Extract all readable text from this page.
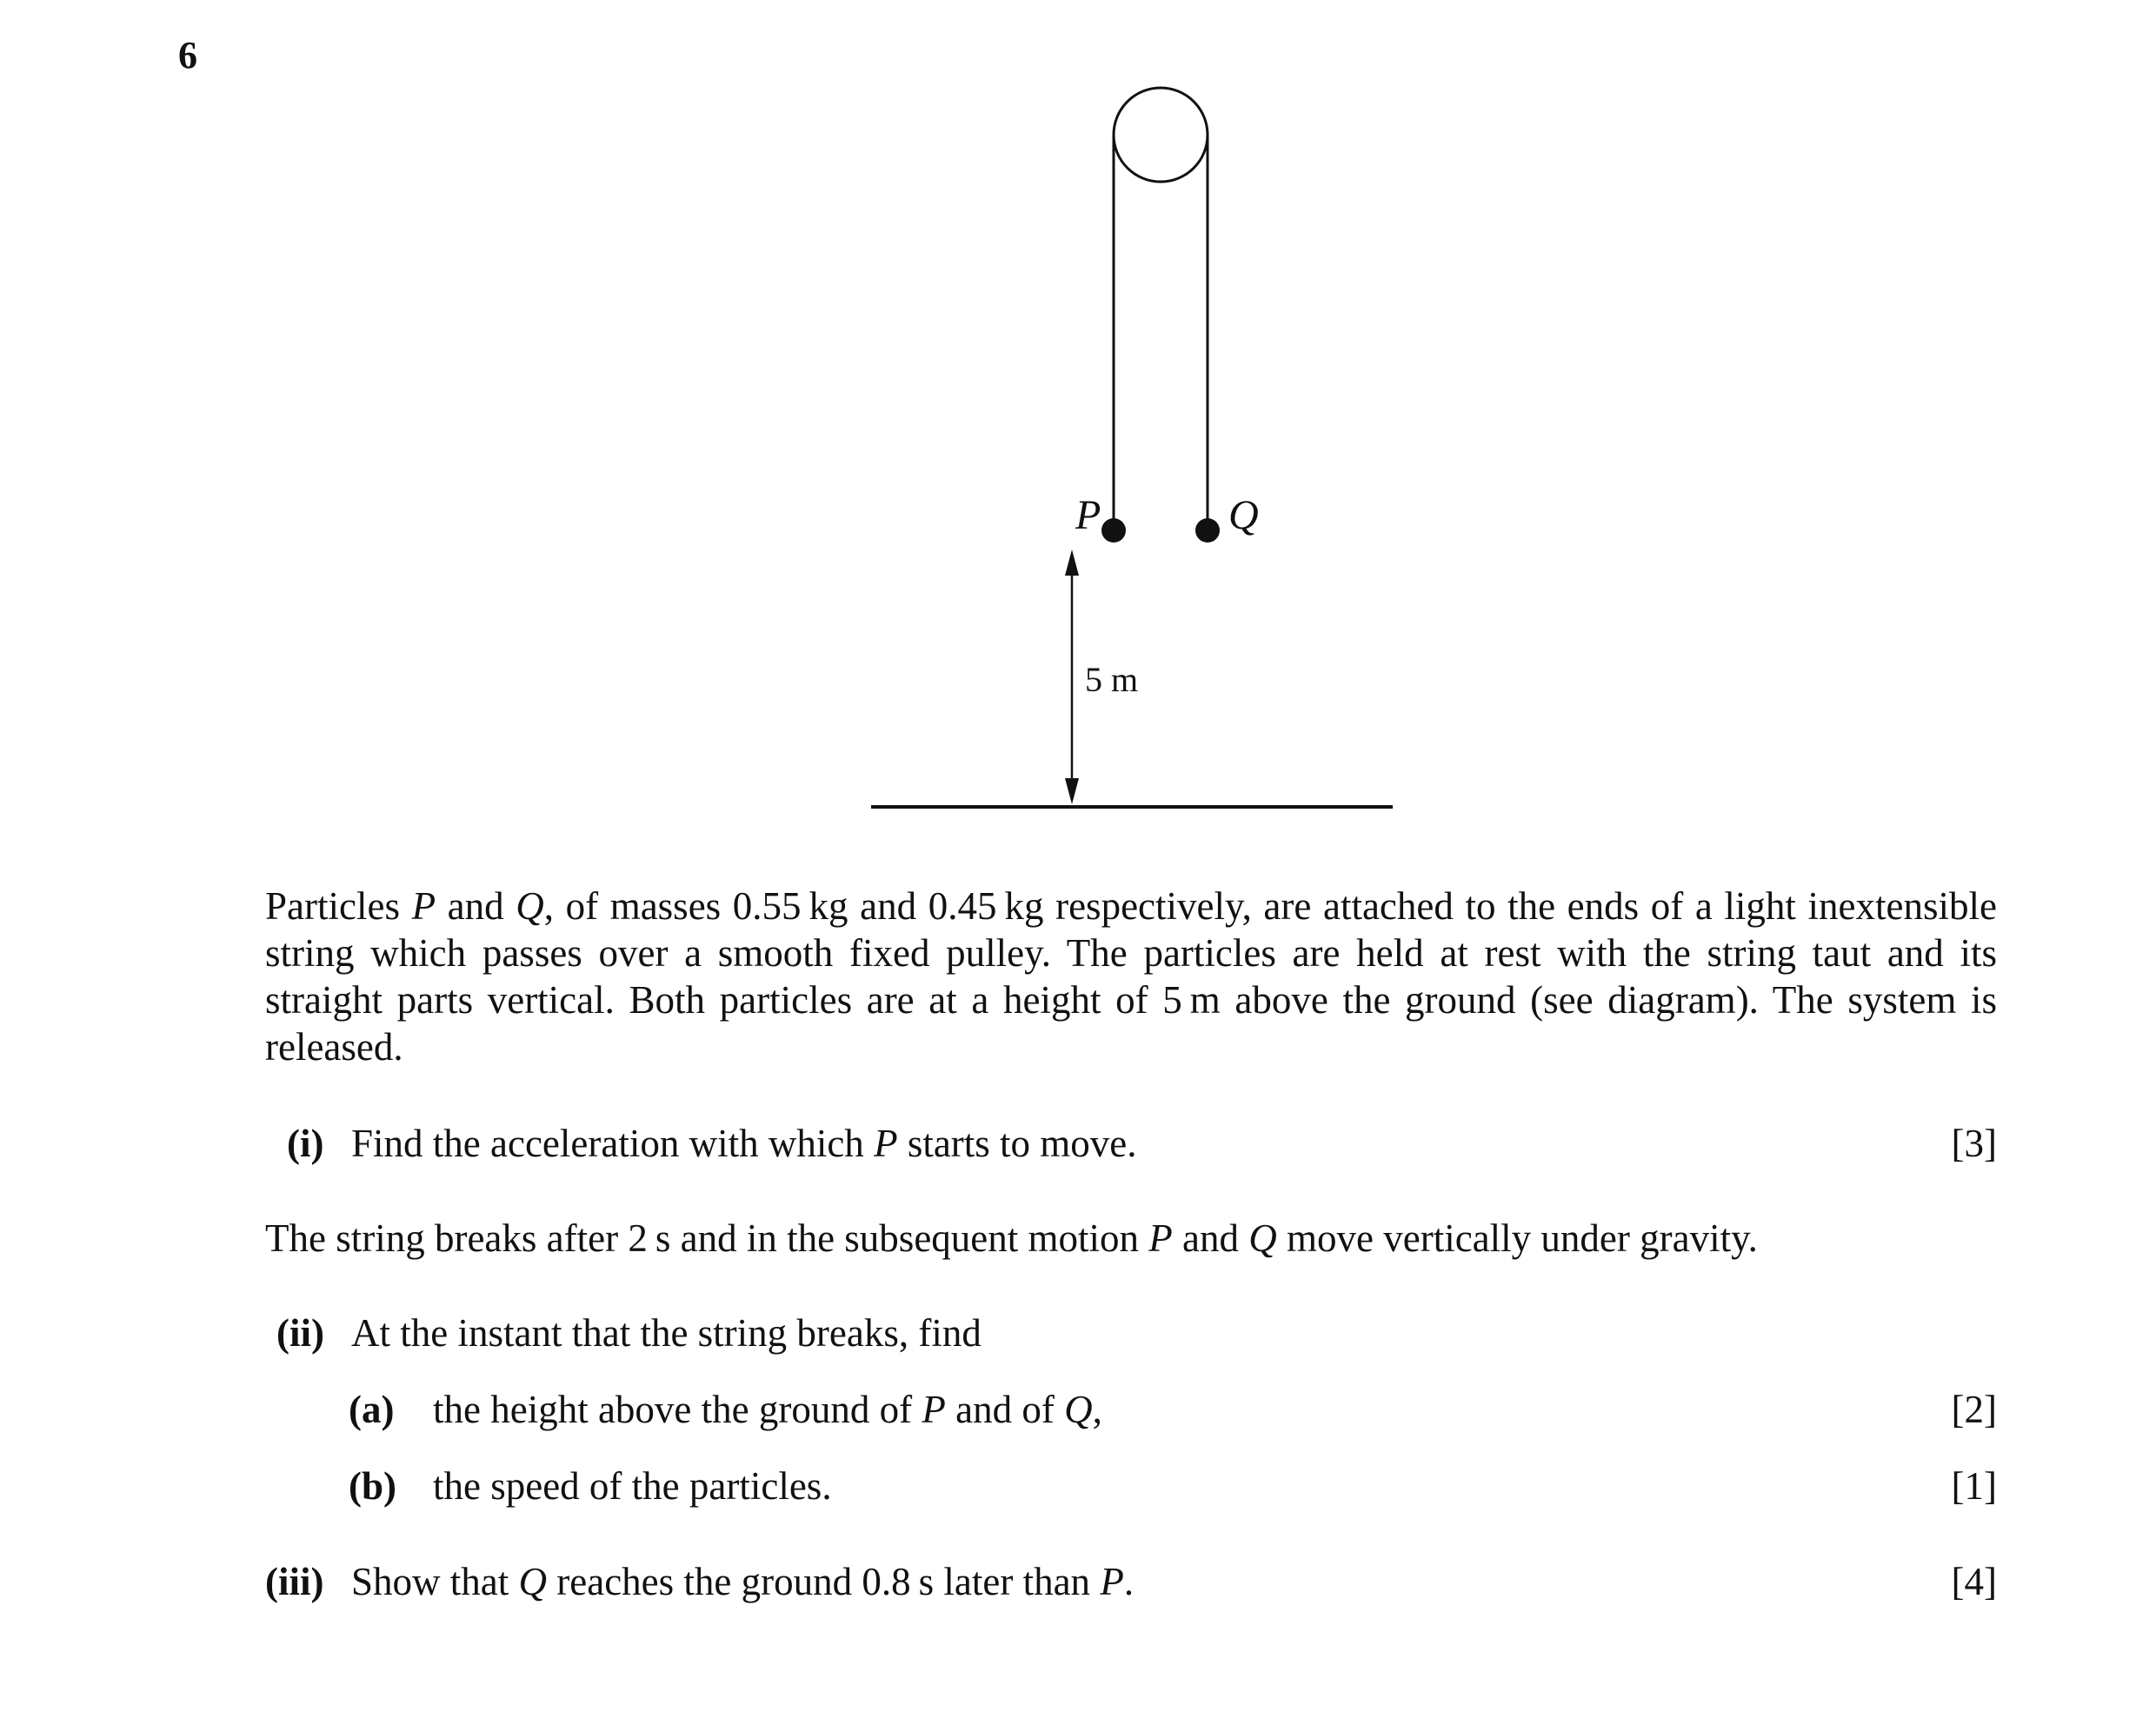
6
P	Q
5 m
Particles P and Q, of masses 0.55 kg and 0.45 kg respectively, are attached to the ends of a light inextensible string which passes over a smooth fixed pulley. The particles are held at rest with the string taut and its straight parts vertical. Both particles are at a height of 5 m above the ground (see diagram). The system is released.
(i) Find the acceleration with which P starts to move.	[3]
The string breaks after 2 s and in the subsequent motion P and Q move vertically under gravity.
(ii) At the instant that the string breaks, find
(a) the height above the ground of P and of Q,	[2]
(b) the speed of the particles.	[1]
(iii) Show that Q reaches the ground 0.8 s later than P.	[4]
